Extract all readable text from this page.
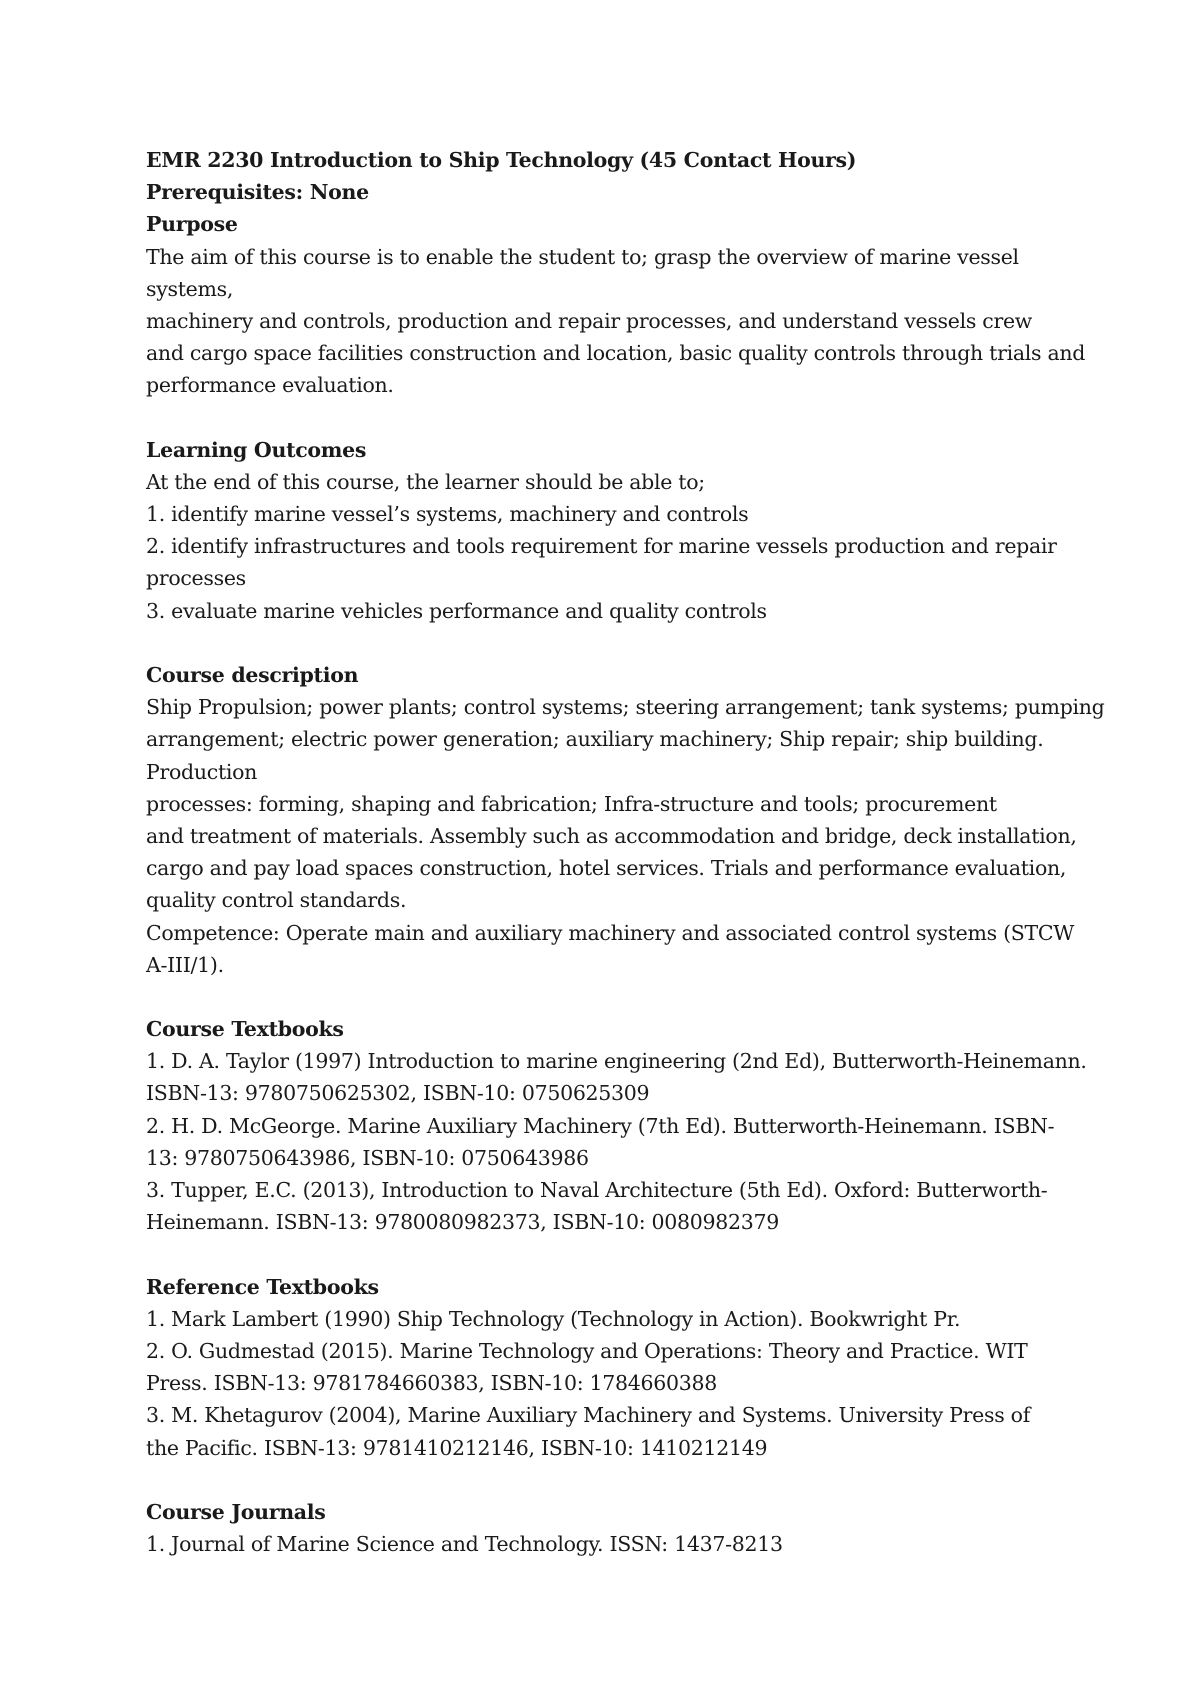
EMR 2230 Introduction to Ship Technology (45 Contact Hours)

Prerequisites: None

Purpose

The aim of this course is to enable the student to; grasp the overview of marine vessel

systems,

machinery and controls, production and repair processes, and understand vessels crew

and cargo space facilities construction and location, basic quality controls through trials and

performance evaluation.

Learning Outcomes

At the end of this course, the learner should be able to;

1. identify marine vessel’s systems, machinery and controls

2. identify infrastructures and tools requirement for marine vessels production and repair

processes

3. evaluate marine vehicles performance and quality controls

Course description

Ship Propulsion; power plants; control systems; steering arrangement; tank systems; pumping

arrangement; electric power generation; auxiliary machinery; Ship repair; ship building.

Production

processes: forming, shaping and fabrication; Infra-structure and tools; procurement

and treatment of materials. Assembly such as accommodation and bridge, deck installation,

cargo and pay load spaces construction, hotel services. Trials and performance evaluation,

quality control standards.

Competence: Operate main and auxiliary machinery and associated control systems (STCW

A-III/1).

Course Textbooks

1. D. A. Taylor (1997) Introduction to marine engineering (2nd Ed), Butterworth-Heinemann.

ISBN-13: 9780750625302, ISBN-10: 0750625309

2. H. D. McGeorge. Marine Auxiliary Machinery (7th Ed). Butterworth-Heinemann. ISBN-

13: 9780750643986, ISBN-10: 0750643986

3. Tupper, E.C. (2013), Introduction to Naval Architecture (5th Ed). Oxford: Butterworth-

Heinemann. ISBN-13: 9780080982373, ISBN-10: 0080982379

Reference Textbooks

1. Mark Lambert (1990) Ship Technology (Technology in Action). Bookwright Pr.

2. O. Gudmestad (2015). Marine Technology and Operations: Theory and Practice. WIT

Press. ISBN-13: 9781784660383, ISBN-10: 1784660388

3. M. Khetagurov (2004), Marine Auxiliary Machinery and Systems. University Press of

the Pacific. ISBN-13: 9781410212146, ISBN-10: 1410212149

Course Journals

1. Journal of Marine Science and Technology. ISSN: 1437-8213
